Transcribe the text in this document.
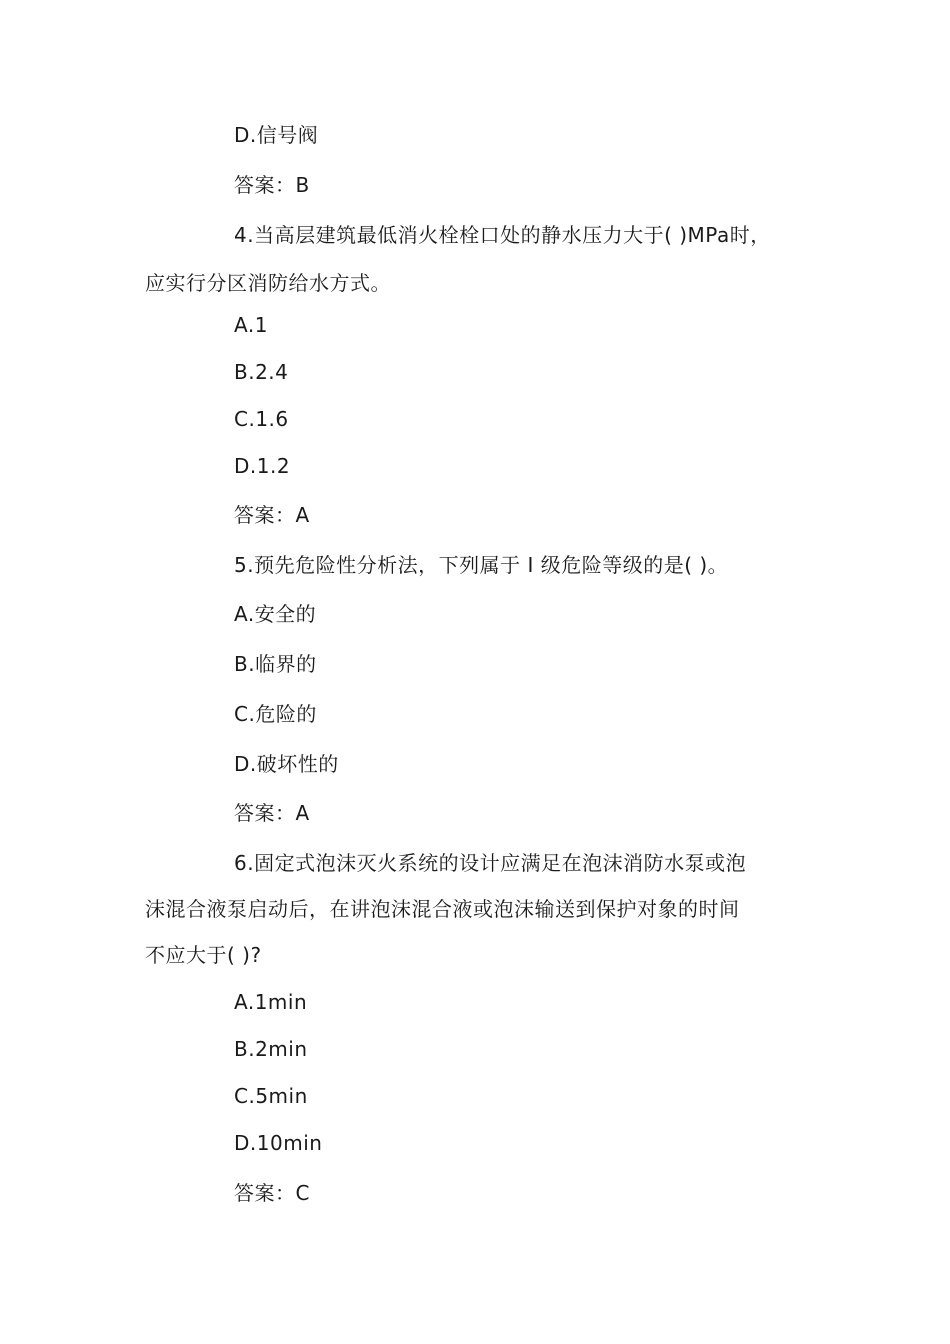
D.信号阀
答案：B
4.当高层建筑最低消火栓栓口处的静水压力大于( )MPa时，
应实行分区消防给水方式。
A.1
B.2.4
C.1.6
D.1.2
答案：A
5.预先危险性分析法，下列属于 I 级危险等级的是( )。
A.安全的
B.临界的
C.危险的
D.破坏性的
答案：A
6.固定式泡沫灭火系统的设计应满足在泡沫消防水泵或泡
沫混合液泵启动后，在讲泡沫混合液或泡沫输送到保护对象的时间
不应大于( )?
A.1min
B.2min
C.5min
D.10min
答案：C
